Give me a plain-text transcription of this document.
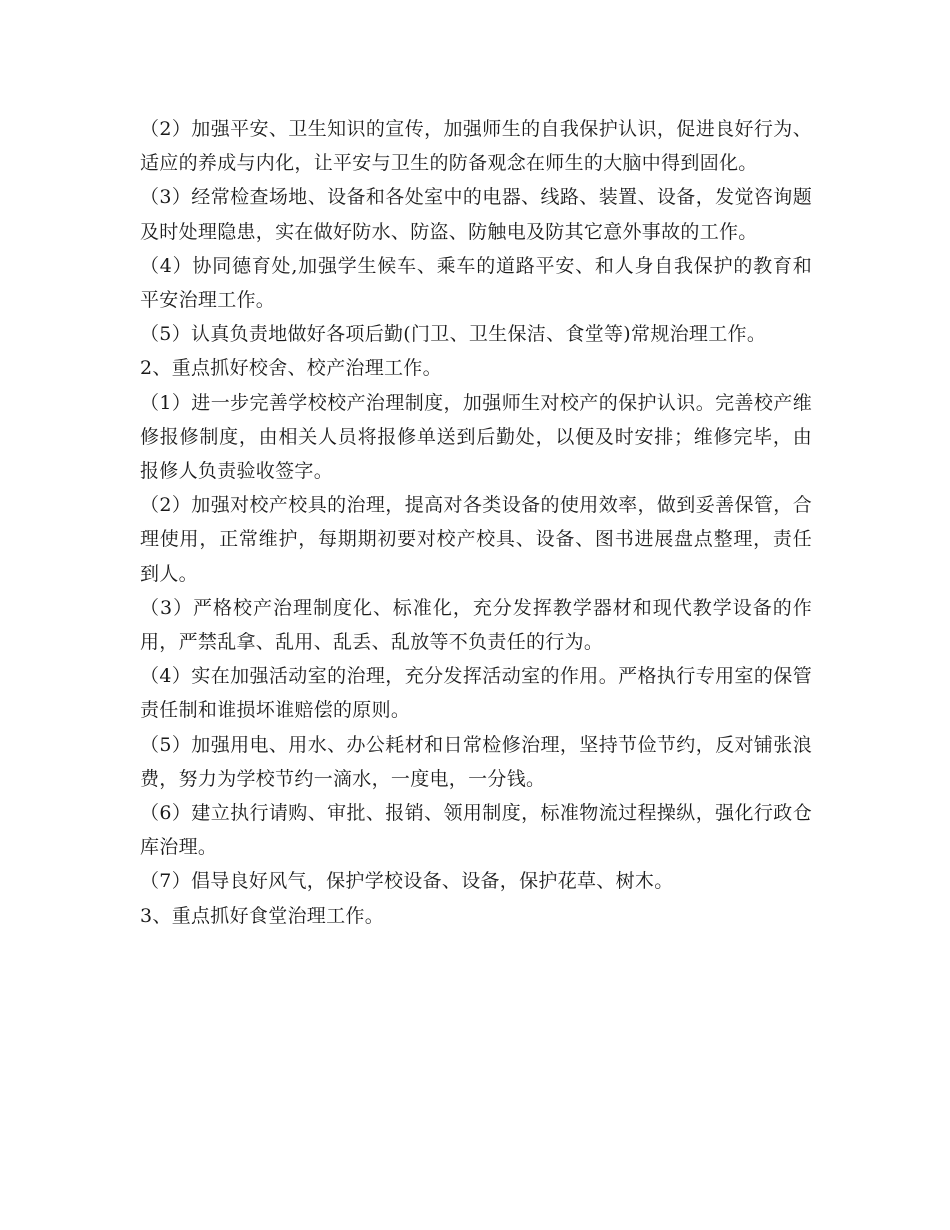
（2）加强平安、卫生知识的宣传，加强师生的自我保护认识，促进良好行为、适应的养成与内化，让平安与卫生的防备观念在师生的大脑中得到固化。

（3）经常检查场地、设备和各处室中的电器、线路、装置、设备，发觉咨询题及时处理隐患，实在做好防水、防盗、防触电及防其它意外事故的工作。

（4）协同德育处,加强学生候车、乘车的道路平安、和人身自我保护的教育和平安治理工作。

（5）认真负责地做好各项后勤(门卫、卫生保洁、食堂等)常规治理工作。

2、重点抓好校舍、校产治理工作。

（1）进一步完善学校校产治理制度，加强师生对校产的保护认识。完善校产维修报修制度，由相关人员将报修单送到后勤处，以便及时安排；维修完毕，由报修人负责验收签字。

（2）加强对校产校具的治理，提高对各类设备的使用效率，做到妥善保管，合理使用，正常维护，每期期初要对校产校具、设备、图书进展盘点整理，责任到人。

（3）严格校产治理制度化、标准化，充分发挥教学器材和现代教学设备的作用，严禁乱拿、乱用、乱丢、乱放等不负责任的行为。

（4）实在加强活动室的治理，充分发挥活动室的作用。严格执行专用室的保管责任制和谁损坏谁赔偿的原则。

（5）加强用电、用水、办公耗材和日常检修治理，坚持节俭节约，反对铺张浪费，努力为学校节约一滴水，一度电，一分钱。

（6）建立执行请购、审批、报销、领用制度，标准物流过程操纵，强化行政仓库治理。

（7）倡导良好风气，保护学校设备、设备，保护花草、树木。

3、重点抓好食堂治理工作。
